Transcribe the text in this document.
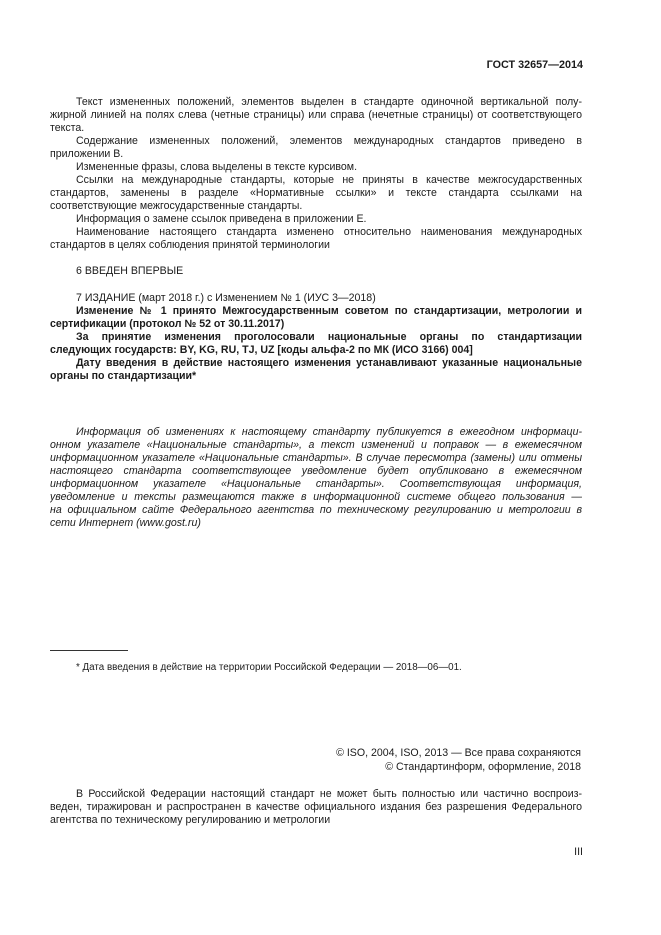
ГОСТ 32657—2014
Текст измененных положений, элементов выделен в стандарте одиночной вертикальной полу-
жирной линией на полях слева (четные страницы) или справа (нечетные страницы) от соответствующего
текста.
Содержание измененных положений, элементов международных стандартов приведено в
приложении В.
Измененные фразы, слова выделены в тексте курсивом.
Ссылки на международные стандарты, которые не приняты в качестве межгосударственных
стандартов, заменены в разделе «Нормативные ссылки» и тексте стандарта ссылками на
соответствующие межгосударственные стандарты.
Информация о замене ссылок приведена в приложении Е.
Наименование настоящего стандарта изменено относительно наименования международных
стандартов в целях соблюдения принятой терминологии
6 ВВЕДЕН ВПЕРВЫЕ
7 ИЗДАНИЕ (март 2018 г.) с Изменением № 1 (ИУС 3—2018)
Изменение № 1 принято Межгосударственным советом по стандартизации, метрологии и
сертификации (протокол № 52 от 30.11.2017)
За принятие изменения проголосовали национальные органы по стандартизации
следующих государств: BY, KG, RU, TJ, UZ [коды альфа-2 по МК (ИСО 3166) 004]
Дату введения в действие настоящего изменения устанавливают указанные национальные
органы по стандартизации*
Информация об изменениях к настоящему стандарту публикуется в ежегодном информаци-
онном указателе «Национальные стандарты», а текст изменений и поправок — в ежемесячном
информационном указателе «Национальные стандарты». В случае пересмотра (замены) или отмены
настоящего стандарта соответствующее уведомление будет опубликовано в ежемесячном
информационном указателе «Национальные стандарты». Соответствующая информация,
уведомление и тексты размещаются также в информационной системе общего пользования —
на официальном сайте Федерального агентства по техническому регулированию и метрологии в
сети Интернет (www.gost.ru)
* Дата введения в действие на территории Российской Федерации — 2018—06—01.
© ISO, 2004, ISO, 2013 — Все права сохраняются
© Стандартинформ, оформление, 2018
В Российской Федерации настоящий стандарт не может быть полностью или частично воспроиз-
веден, тиражирован и распространен в качестве официального издания без разрешения Федерального
агентства по техническому регулированию и метрологии
III
